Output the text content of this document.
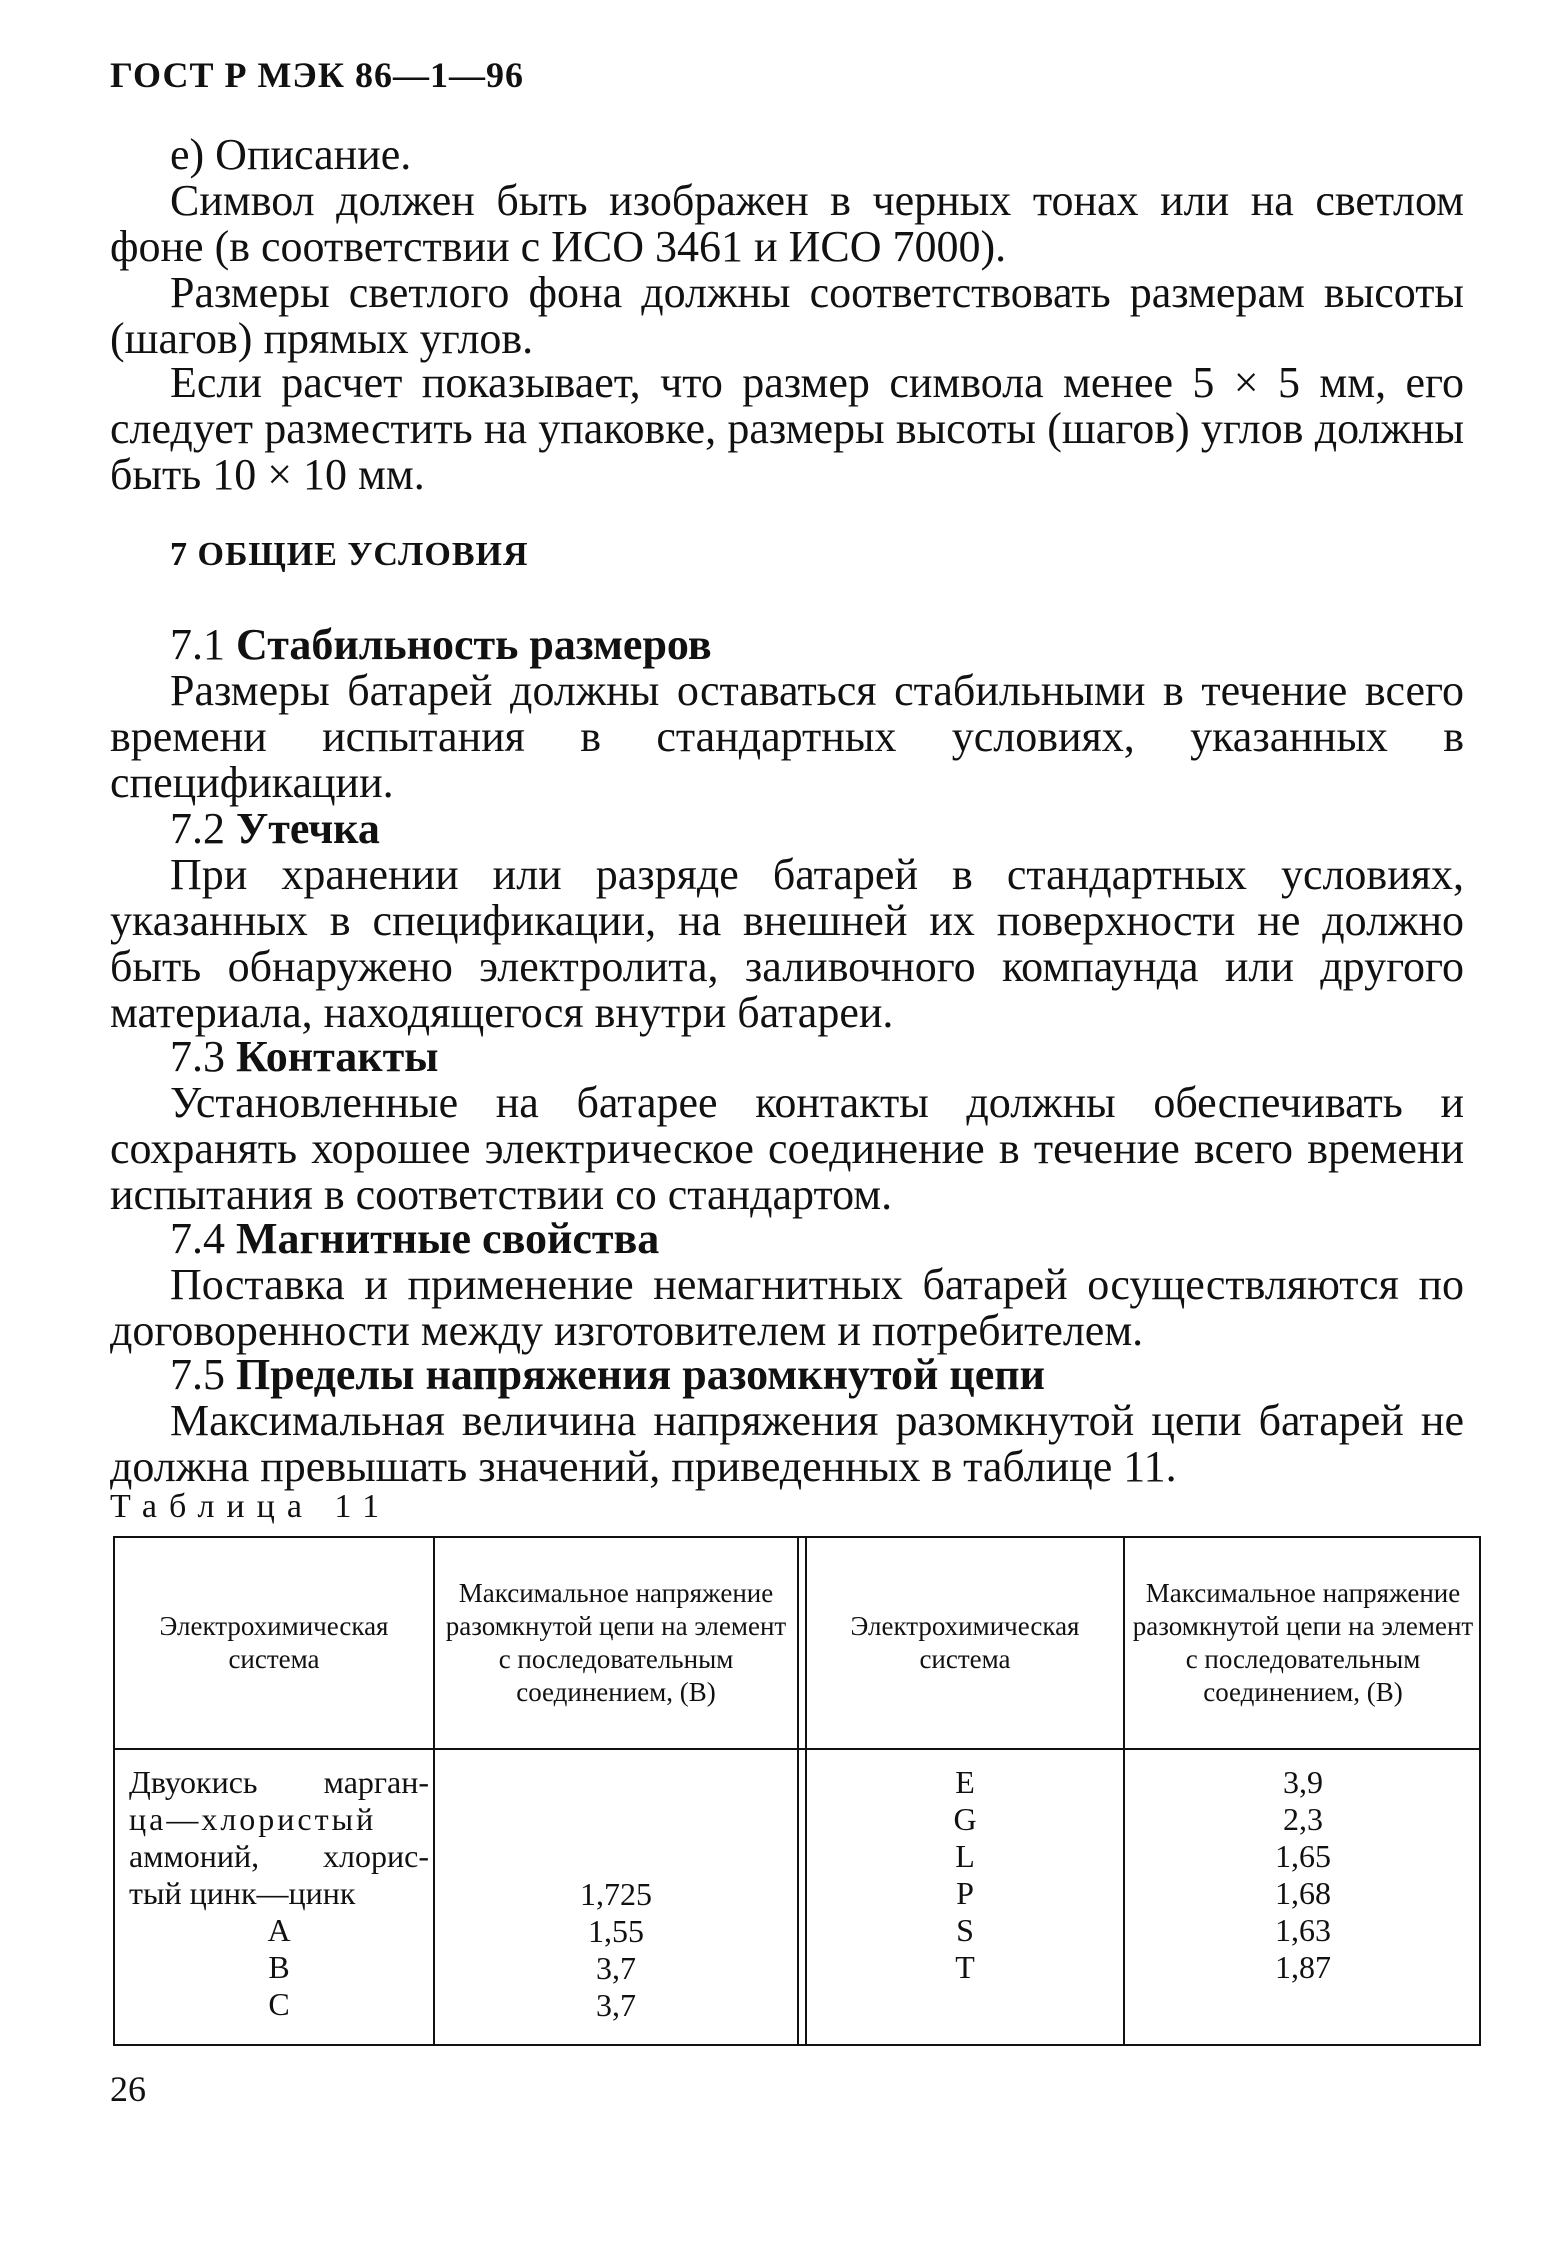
ГОСТ Р МЭК 86—1—96

е) Описание.

Символ должен быть изображен в черных тонах или на светлом фоне (в соответствии с ИСО 3461 и ИСО 7000).

Размеры светлого фона должны соответствовать размерам высоты (шагов) прямых углов.

Если расчет показывает, что размер символа менее 5 × 5 мм, его следует разместить на упаковке, размеры высоты (шагов) углов должны быть 10 × 10 мм.

7 ОБЩИЕ УСЛОВИЯ
7.1 Стабильность размеров

Размеры батарей должны оставаться стабильными в течение всего времени испытания в стандартных условиях, указанных в спецификации.

7.2 Утечка

При хранении или разряде батарей в стандартных условиях, указанных в спецификации, на внешней их поверхности не должно быть обнаружено электролита, заливочного компаунда или другого материала, находящегося внутри батареи.

7.3 Контакты

Установленные на батарее контакты должны обеспечивать и сохранять хорошее электрическое соединение в течение всего времени испытания в соответствии со стандартом.

7.4 Магнитные свойства

Поставка и применение немагнитных батарей осуществляются по договоренности между изготовителем и потребителем.

7.5 Пределы напряжения разомкнутой цепи

Максимальная величина напряжения разомкнутой цепи батарей не должна превышать значений, приведенных в таблице 11.

Таблица 11
Электрохимическая система
Максимальное напряжение разомкнутой цепи на элемент с последовательным соединением, (В)
Электрохимическая система
Максимальное напряжение разомкнутой цепи на элемент с последовательным соединением, (В)
Двуокись марган-
ца—хлористый
аммоний, хлорис-
тый цинк—цинк
A
B
C
1,725
1,55
3,7
3,7
E
G
L
P
S
T
3,9
2,3
1,65
1,68
1,63
1,87
26
